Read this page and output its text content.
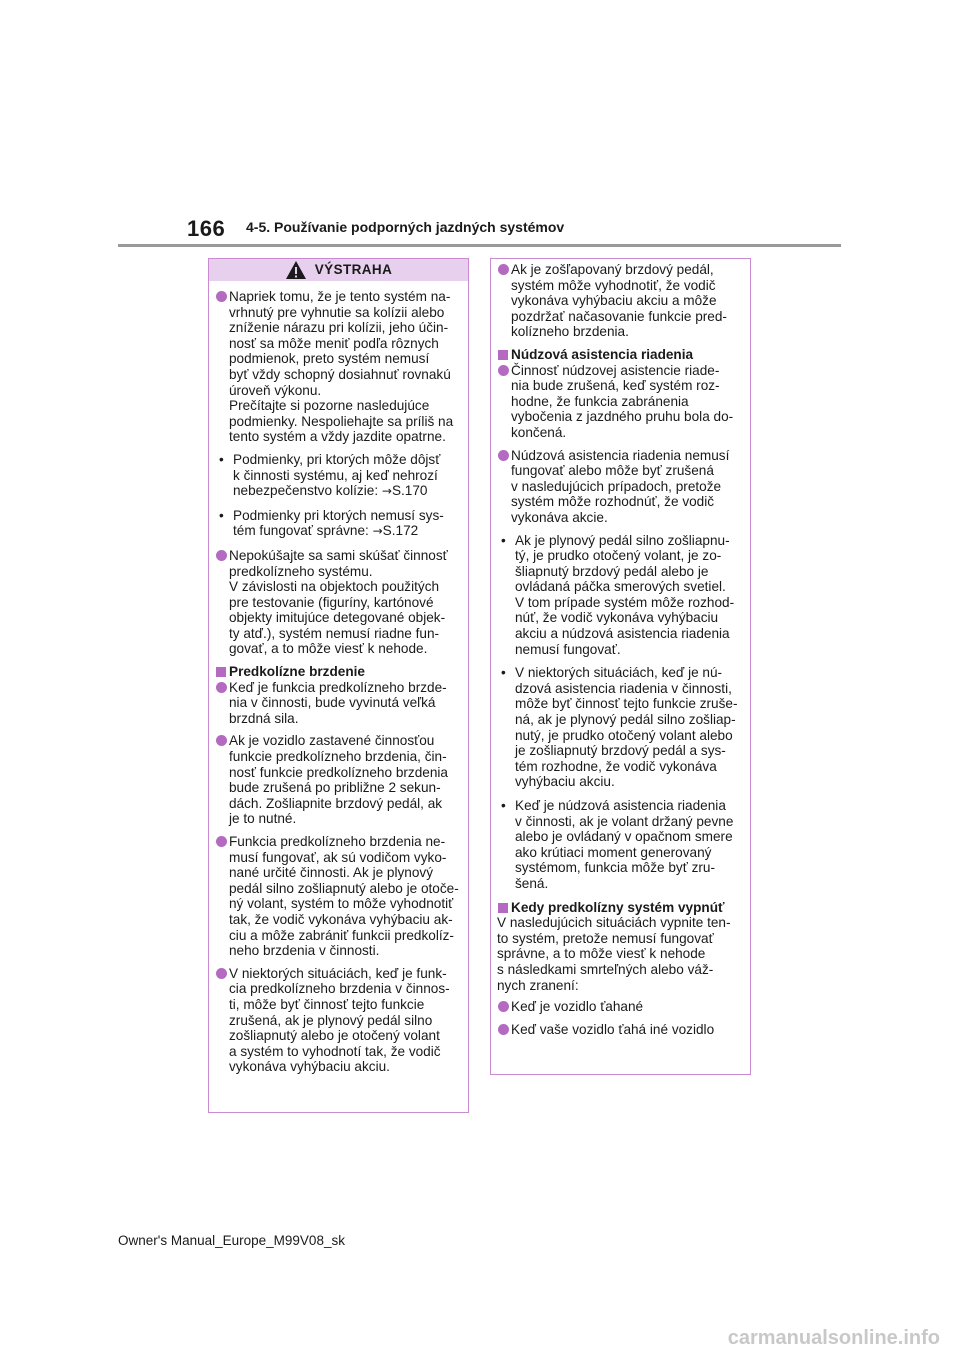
166 4-5. Používanie podporných jazdných systémov
VÝSTRAHA
Napriek tomu, že je tento systém na-
vrhnutý pre vyhnutie sa kolízii alebo
zníženie nárazu pri kolízii, jeho účin-
nosť sa môže meniť podľa rôznych
podmienok, preto systém nemusí
byť vždy schopný dosiahnuť rovnakú
úroveň výkonu.
Prečítajte si pozorne nasledujúce
podmienky. Nespoliehajte sa príliš na
tento systém a vždy jazdite opatrne.
• Podmienky, pri ktorých môže dôjsť
k činnosti systému, aj keď nehrozí
nebezpečenstvo kolízie: →S.170
• Podmienky pri ktorých nemusí sys-
tém fungovať správne: →S.172
Nepokúšajte sa sami skúšať činnosť
predkolízneho systému.
V závislosti na objektoch použitých
pre testovanie (figuríny, kartónové
objekty imitujúce detegované objek-
ty atď.), systém nemusí riadne fun-
govať, a to môže viesť k nehode.
Predkolízne brzdenie
Keď je funkcia predkolízneho brzde-
nia v činnosti, bude vyvinutá veľká
brzdná sila.
Ak je vozidlo zastavené činnosťou
funkcie predkolízneho brzdenia, čin-
nosť funkcie predkolízneho brzdenia
bude zrušená po približne 2 sekun-
dách. Zošliapnite brzdový pedál, ak
je to nutné.
Funkcia predkolízneho brzdenia ne-
musí fungovať, ak sú vodičom vyko-
nané určité činnosti. Ak je plynový
pedál silno zošliapnutý alebo je otoče-
ný volant, systém to môže vyhodnotiť
tak, že vodič vykonáva vyhýbaciu ak-
ciu a môže zabrániť funkcii predkolíz-
neho brzdenia v činnosti.
V niektorých situáciách, keď je funk-
cia predkolízneho brzdenia v činnos-
ti, môže byť činnosť tejto funkcie
zrušená, ak je plynový pedál silno
zošliapnutý alebo je otočený volant
a systém to vyhodnotí tak, že vodič
vykonáva vyhýbaciu akciu.
Ak je zošľapovaný brzdový pedál,
systém môže vyhodnotiť, že vodič
vykonáva vyhýbaciu akciu a môže
pozdržať načasovanie funkcie pred-
kolízneho brzdenia.
Núdzová asistencia riadenia
Činnosť núdzovej asistencie riade-
nia bude zrušená, keď systém roz-
hodne, že funkcia zabránenia
vybočenia z jazdného pruhu bola do-
končená.
Núdzová asistencia riadenia nemusí
fungovať alebo môže byť zrušená
v nasledujúcich prípadoch, pretože
systém môže rozhodnúť, že vodič
vykonáva akcie.
• Ak je plynový pedál silno zošliapnu-
tý, je prudko otočený volant, je zo-
šliapnutý brzdový pedál alebo je
ovládaná páčka smerových svetiel.
V tom prípade systém môže rozhod-
núť, že vodič vykonáva vyhýbaciu
akciu a núdzová asistencia riadenia
nemusí fungovať.
• V niektorých situáciách, keď je nú-
dzová asistencia riadenia v činnosti,
môže byť činnosť tejto funkcie zruše-
ná, ak je plynový pedál silno zošliap-
nutý, je prudko otočený volant alebo
je zošliapnutý brzdový pedál a sys-
tém rozhodne, že vodič vykonáva
vyhýbaciu akciu.
• Keď je núdzová asistencia riadenia
v činnosti, ak je volant držaný pevne
alebo je ovládaný v opačnom smere
ako krútiaci moment generovaný
systémom, funkcia môže byť zru-
šená.
Kedy predkolízny systém vypnúť
V nasledujúcich situáciách vypnite ten-
to systém, pretože nemusí fungovať
správne, a to môže viesť k nehode
s následkami smrteľných alebo váž-
nych zranení:
Keď je vozidlo ťahané
Keď vaše vozidlo ťahá iné vozidlo
Owner's Manual_Europe_M99V08_sk
carmanualsonline.info
